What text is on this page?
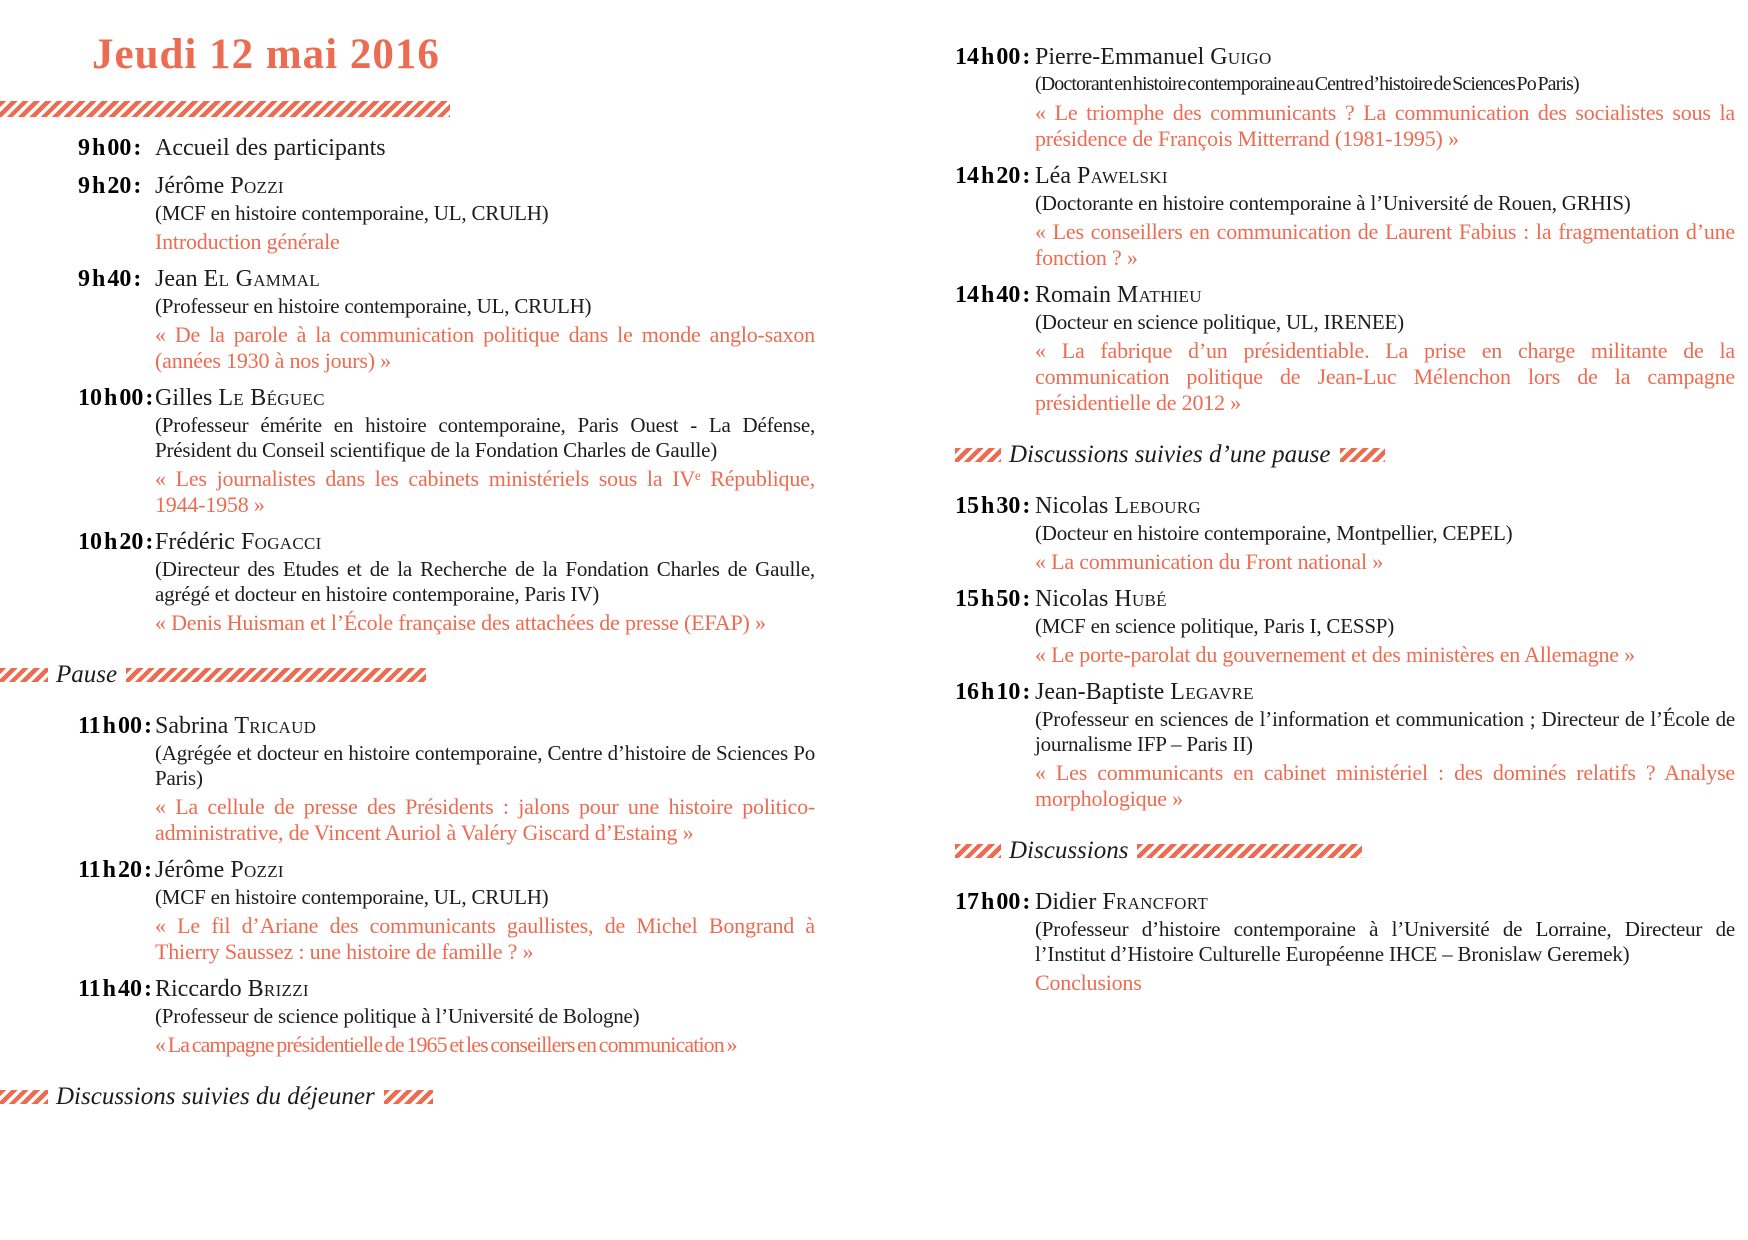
Jeudi 12 mai 2016
9 h 00 : Accueil des participants
9 h 20 : Jérôme Pozzi

(MCF en histoire contemporaine, UL, CRULH)

Introduction générale

9 h 40 : Jean El Gammal

(Professeur en histoire contemporaine, UL, CRULH)

« De la parole à la communication politique dans le monde anglo-saxon (années 1930 à nos jours) »

10 h 00 : Gilles Le Béguec

(Professeur émérite en histoire contemporaine, Paris Ouest - La Défense, Président du Conseil scientifique de la Fondation Charles de Gaulle)

« Les journalistes dans les cabinets ministériels sous la IVᵉ République, 1944-1958 »

10 h 20 : Frédéric Fogacci

(Directeur des Etudes et de la Recherche de la Fondation Charles de Gaulle, agrégé et docteur en histoire contemporaine, Paris IV)

« Denis Huisman et l’École française des attachées de presse (EFAP) »

Pause
11 h 00 : Sabrina Tricaud

(Agrégée et docteur en histoire contemporaine, Centre d’histoire de Sciences Po Paris)

« La cellule de presse des Présidents : jalons pour une histoire politico-administrative, de Vincent Auriol à Valéry Giscard d’Estaing »

11 h 20 : Jérôme Pozzi

(MCF en histoire contemporaine, UL, CRULH)

« Le fil d’Ariane des communicants gaullistes, de Michel Bongrand à Thierry Saussez : une histoire de famille ? »

11 h 40 : Riccardo Brizzi

(Professeur de science politique à l’Université de Bologne)

« La campagne présidentielle de 1965 et les conseillers en communication »

Discussions suivies du déjeuner
14 h 00 : Pierre-Emmanuel Guigo

(Doctorant en histoire contemporaine au Centre d’histoire de Sciences Po Paris)

« Le triomphe des communicants ? La communication des socialistes sous la présidence de François Mitterrand (1981-1995) »

14 h 20 : Léa Pawelski

(Doctorante en histoire contemporaine à l’Université de Rouen, GRHIS)

« Les conseillers en communication de Laurent Fabius : la fragmentation d’une fonction ? »

14 h 40 : Romain Mathieu

(Docteur en science politique, UL, IRENEE)

« La fabrique d’un présidentiable. La prise en charge militante de la communication politique de Jean-Luc Mélenchon lors de la campagne présidentielle de 2012 »

Discussions suivies d’une pause
15 h 30 : Nicolas Lebourg

(Docteur en histoire contemporaine, Montpellier, CEPEL)

« La communication du Front national »

15 h 50 : Nicolas Hubé

(MCF en science politique, Paris I, CESSP)

« Le porte-parolat du gouvernement et des ministères en Allemagne »

16 h 10 : Jean-Baptiste Legavre

(Professeur en sciences de l’information et communication ; Directeur de l’École de journalisme IFP – Paris II)

« Les communicants en cabinet ministériel : des dominés relatifs ? Analyse morphologique »

Discussions
17 h 00 : Didier Francfort

(Professeur d’histoire contemporaine à l’Université de Lorraine, Directeur de l’Institut d’Histoire Culturelle Européenne IHCE – Bronislaw Geremek)

Conclusions
